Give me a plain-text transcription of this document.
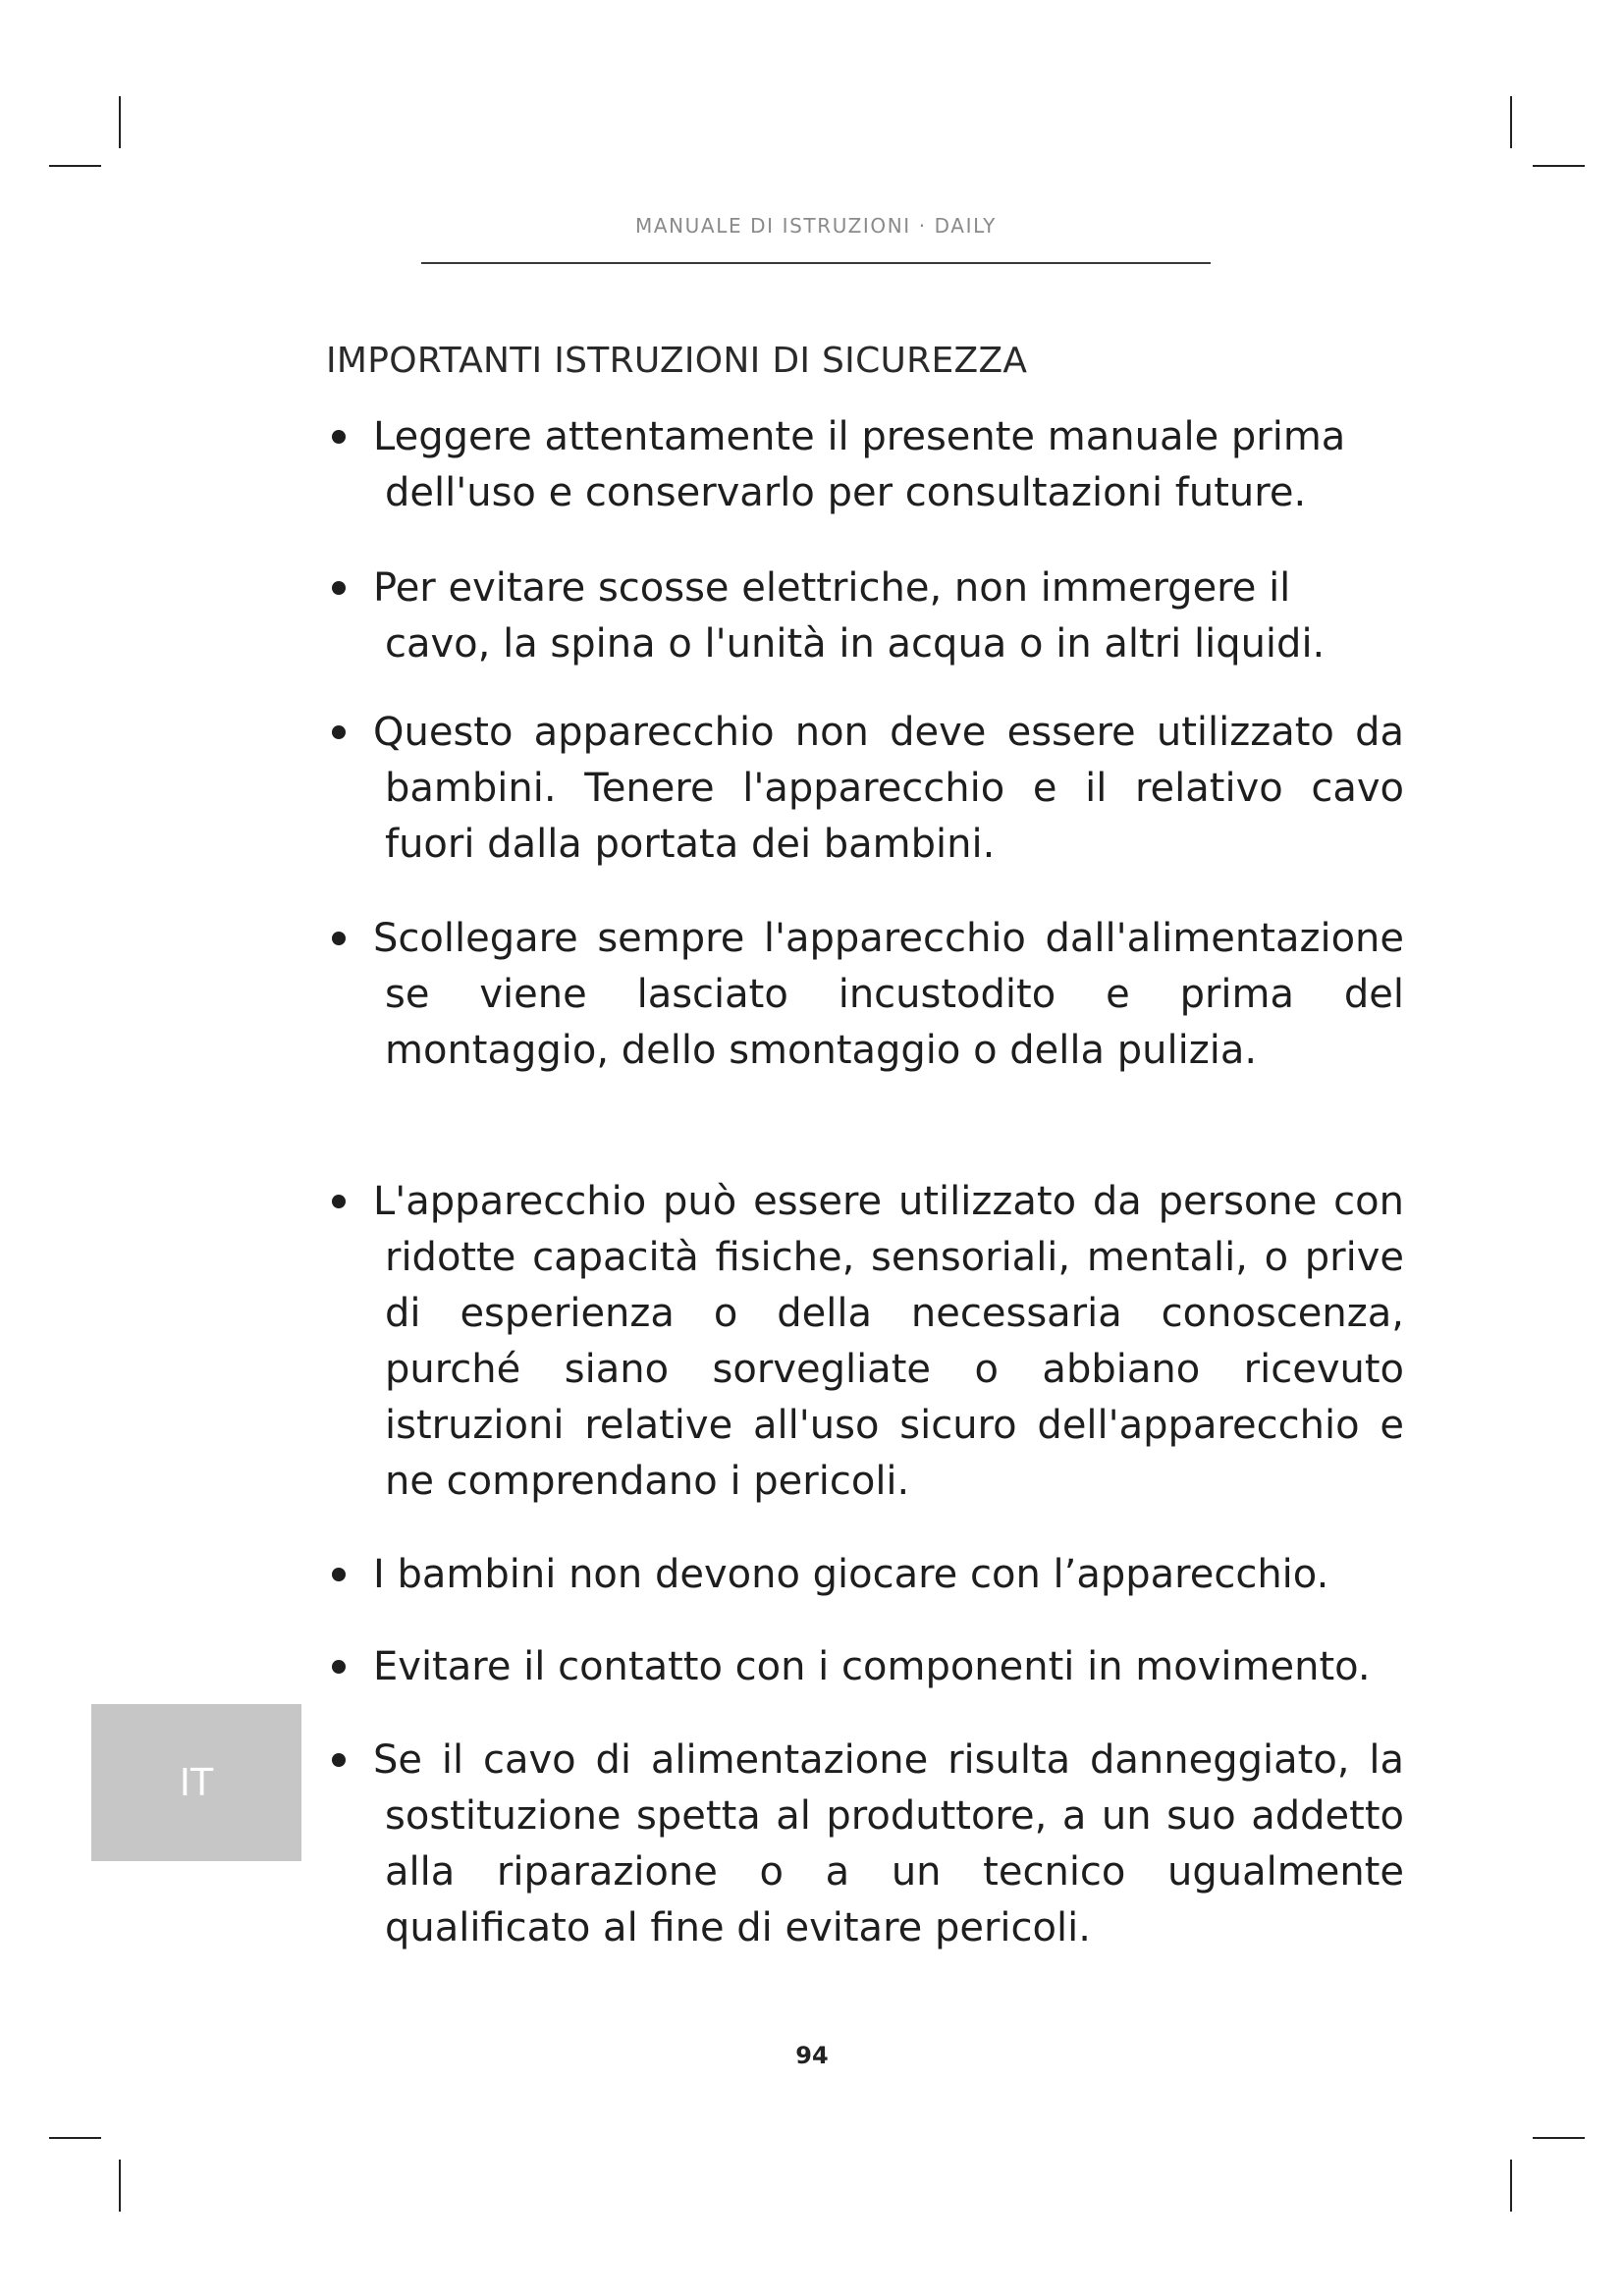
MANUALE DI ISTRUZIONI · DAILY
IMPORTANTI ISTRUZIONI DI SICUREZZA
Leggere attentamente il presente manuale prima dell'uso e conservarlo per consultazioni future.
Per evitare scosse elettriche, non immergere il cavo, la spina o l'unità in acqua o in altri liquidi.
Questo apparecchio non deve essere utilizzato da bambini. Tenere l'apparecchio e il relativo cavo fuori dalla portata dei bambini.
Scollegare sempre l'apparecchio dall'alimentazione se viene lasciato incustodito e prima del montaggio, dello smontaggio o della pulizia.
L'apparecchio può essere utilizzato da persone con ridotte capacità fisiche, sensoriali, mentali, o prive di esperienza o della necessaria conoscenza, purché siano sorvegliate o abbiano ricevuto istruzioni relative all'uso sicuro dell'apparecchio e ne comprendano i pericoli.
I bambini non devono giocare con l’apparecchio.
Evitare il contatto con i componenti in movimento.
Se il cavo di alimentazione risulta danneggiato, la sostituzione spetta al produttore, a un suo addetto alla riparazione o a un tecnico ugualmente qualificato al fine di evitare pericoli.
IT
94
